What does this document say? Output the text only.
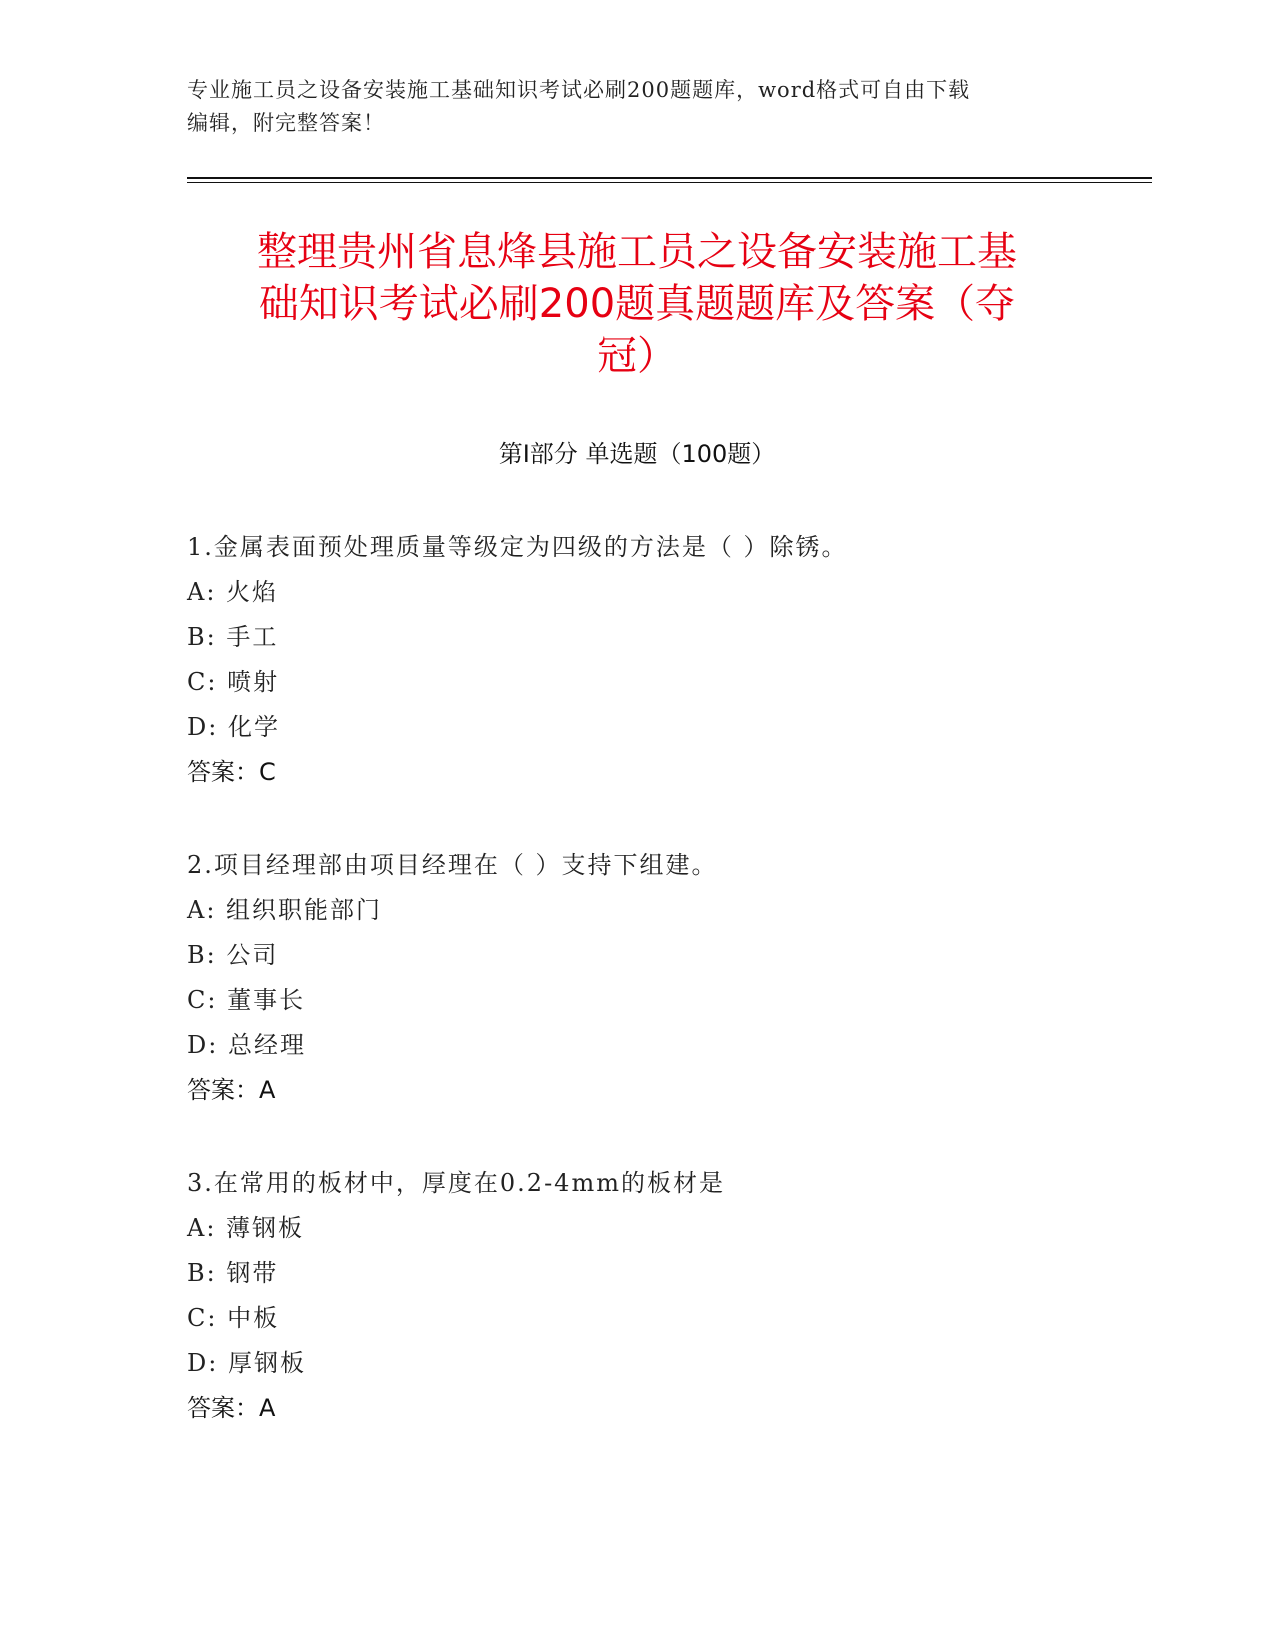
专业施工员之设备安装施工基础知识考试必刷200题题库，word格式可自由下载
编辑，附完整答案！
整理贵州省息烽县施工员之设备安装施工基
础知识考试必刷200题真题题库及答案（夺
冠）
第Ⅰ部分 单选题（100题）
1.金属表面预处理质量等级定为四级的方法是（ ）除锈。
A: 火焰
B: 手工
C: 喷射
D: 化学
答案：C
2.项目经理部由项目经理在（ ）支持下组建。
A: 组织职能部门
B: 公司
C: 董事长
D: 总经理
答案：A
3.在常用的板材中，厚度在0.2-4mm的板材是
A: 薄钢板
B: 钢带
C: 中板
D: 厚钢板
答案：A
